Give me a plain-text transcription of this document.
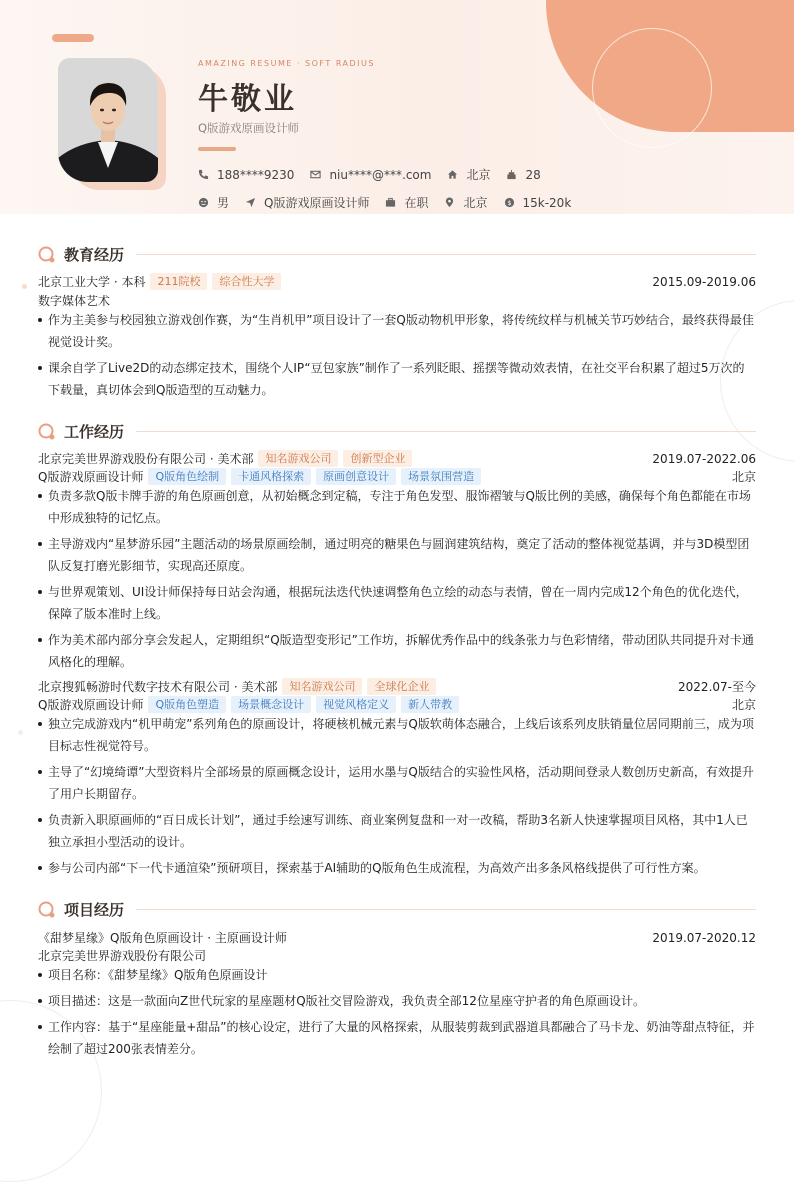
AMAZING RESUME · SOFT RADIUS
牛敬业
Q版游戏原画设计师
188****9230	niu****@***.com	北京	28
男	Q版游戏原画设计师	在职	北京	$ 15k-20k
教育经历
北京工业大学 · 本科	211院校	综合性大学	2015.09-2019.06
数字媒体艺术
作为主美参与校园独立游戏创作赛，为“生肖机甲”项目设计了一套Q版动物机甲形象，将传统纹样与机械关节巧妙结合，最终获得最佳视觉设计奖。
课余自学了Live2D的动态绑定技术，围绕个人IP“豆包家族”制作了一系列眨眼、摇摆等微动效表情，在社交平台积累了超过5万次的下载量，真切体会到Q版造型的互动魅力。
工作经历
北京完美世界游戏股份有限公司 · 美术部	知名游戏公司	创新型企业	2019.07-2022.06
Q版游戏原画设计师	Q版角色绘制	卡通风格探索	原画创意设计	场景氛围营造	北京
负责多款Q版卡牌手游的角色原画创意，从初始概念到定稿，专注于角色发型、服饰褶皱与Q版比例的美感，确保每个角色都能在市场中形成独特的记忆点。
主导游戏内“星梦游乐园”主题活动的场景原画绘制，通过明亮的糖果色与圆润建筑结构，奠定了活动的整体视觉基调，并与3D模型团队反复打磨光影细节，实现高还原度。
与世界观策划、UI设计师保持每日站会沟通，根据玩法迭代快速调整角色立绘的动态与表情，曾在一周内完成12个角色的优化迭代，保障了版本准时上线。
作为美术部内部分享会发起人，定期组织“Q版造型变形记”工作坊，拆解优秀作品中的线条张力与色彩情绪，带动团队共同提升对卡通风格化的理解。
北京搜狐畅游时代数字技术有限公司 · 美术部	知名游戏公司	全球化企业	2022.07-至今
Q版游戏原画设计师	Q版角色塑造	场景概念设计	视觉风格定义	新人带教	北京
独立完成游戏内“机甲萌宠”系列角色的原画设计，将硬核机械元素与Q版软萌体态融合，上线后该系列皮肤销量位居同期前三，成为项目标志性视觉符号。
主导了“幻境绮谭”大型资料片全部场景的原画概念设计，运用水墨与Q版结合的实验性风格，活动期间登录人数创历史新高，有效提升了用户长期留存。
负责新入职原画师的“百日成长计划”，通过手绘速写训练、商业案例复盘和一对一改稿，帮助3名新人快速掌握项目风格，其中1人已独立承担小型活动的设计。
参与公司内部“下一代卡通渲染”预研项目，探索基于AI辅助的Q版角色生成流程，为高效产出多条风格线提供了可行性方案。
项目经历
《甜梦星缘》Q版角色原画设计 · 主原画设计师	2019.07-2020.12
北京完美世界游戏股份有限公司
项目名称：《甜梦星缘》Q版角色原画设计
项目描述：这是一款面向Z世代玩家的星座题材Q版社交冒险游戏，我负责全部12位星座守护者的角色原画设计。
工作内容：基于“星座能量+甜品”的核心设定，进行了大量的风格探索，从服装剪裁到武器道具都融合了马卡龙、奶油等甜点特征，并绘制了超过200张表情差分。
